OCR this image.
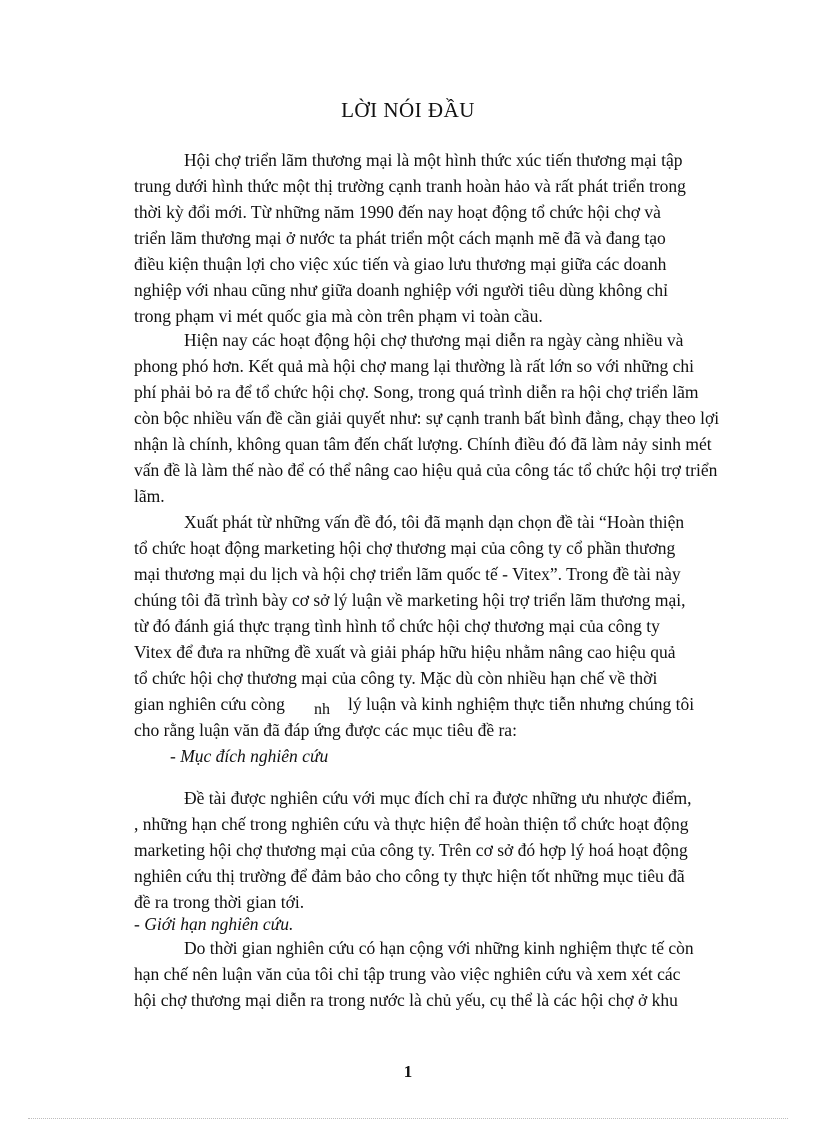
LỜI NÓI ĐẦU
Hội chợ triển lãm thương mại là một hình thức xúc tiến thương mại tập
trung dưới hình thức một thị trường cạnh tranh hoàn hảo và rất phát triển trong
thời kỳ đổi mới. Từ những năm 1990 đến nay hoạt động tổ chức hội chợ và
triển lãm thương mại ở nước ta phát triển một cách mạnh mẽ đã và đang tạo
điều kiện thuận lợi cho việc xúc tiến và giao lưu thương mại giữa các doanh
nghiệp với nhau cũng như giữa doanh nghiệp với người tiêu dùng không chỉ
trong phạm vi mét quốc gia mà còn trên phạm vi toàn cầu.
Hiện nay các hoạt động hội chợ thương mại diễn ra ngày càng nhiều và
phong phó hơn. Kết quả mà hội chợ mang lại thường là rất lớn so với những chi
phí phải bỏ ra để tổ chức hội chợ. Song, trong quá trình diễn ra hội chợ triển lãm
còn bộc nhiều vấn đề cần giải quyết như: sự cạnh tranh bất bình đẳng, chạy theo lợi
nhận là chính, không quan tâm đến chất lượng. Chính điều đó đã làm nảy sinh mét
vấn đề là làm thế nào để có thể nâng cao hiệu quả của công tác tổ chức hội trợ triển
lãm.
Xuất phát từ những vấn đề đó, tôi đã mạnh dạn chọn đề tài “Hoàn thiện
tổ chức hoạt động marketing hội chợ thương mại của công ty cổ phần thương
mại thương mại du lịch và hội chợ triển lãm quốc tế - Vitex”. Trong đề tài này
chúng tôi đã trình bày cơ sở lý luận về marketing hội trợ triển lãm thương mại,
từ đó đánh giá thực trạng tình hình tổ chức hội chợ thương mại của công ty
Vitex để đưa ra những đề xuất và giải pháp hữu hiệu nhằm nâng cao hiệu quả
tổ chức hội chợ thương mại của công ty. Mặc dù còn nhiều hạn chế về thời
gian nghiên cứu còng nh lý luận và kinh nghiệm thực tiễn nhưng chúng tôi
cho rằng luận văn đã đáp ứng được các mục tiêu đề ra:
- Mục đích nghiên cứu
Đề tài được nghiên cứu với mục đích chỉ ra được những ưu nhược điểm,
, những hạn chế trong nghiên cứu và thực hiện để hoàn thiện tổ chức hoạt động
marketing hội chợ thương mại của công ty. Trên cơ sở đó hợp lý hoá hoạt động
nghiên cứu thị trường để đảm bảo cho công ty thực hiện tốt những mục tiêu đã
đề ra trong thời gian tới.
- Giới hạn nghiên cứu.
Do thời gian nghiên cứu có hạn cộng với những kinh nghiệm thực tế còn
hạn chế nên luận văn của tôi chỉ tập trung vào việc nghiên cứu và xem xét các
hội chợ thương mại diễn ra trong nước là chủ yếu, cụ thể là các hội chợ ở khu
1
